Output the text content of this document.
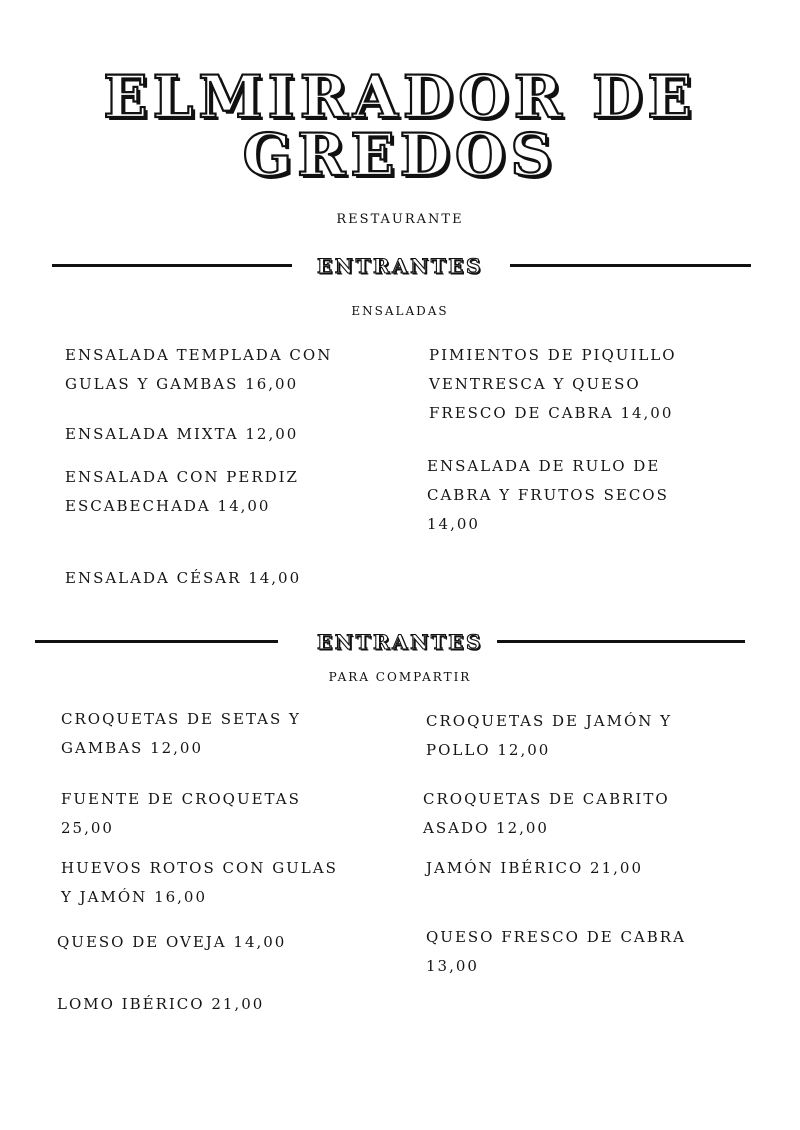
ELMIRADOR DE
GREDOS
RESTAURANTE
ENTRANTES
ENSALADAS
ENSALADA TEMPLADA CON
GULAS Y GAMBAS 16,00
ENSALADA MIXTA 12,00
ENSALADA CON PERDIZ
ESCABECHADA 14,00
ENSALADA CÉSAR 14,00
PIMIENTOS DE PIQUILLO
VENTRESCA Y QUESO
FRESCO DE CABRA 14,00
ENSALADA DE RULO DE
CABRA Y FRUTOS SECOS
14,00
ENTRANTES
PARA COMPARTIR
CROQUETAS DE SETAS Y
GAMBAS 12,00
FUENTE DE CROQUETAS
25,00
HUEVOS ROTOS CON GULAS
Y JAMÓN 16,00
QUESO DE OVEJA 14,00
LOMO IBÉRICO 21,00
CROQUETAS DE JAMÓN Y
POLLO 12,00
CROQUETAS DE CABRITO
ASADO 12,00
JAMÓN IBÉRICO 21,00
QUESO FRESCO DE CABRA
13,00
